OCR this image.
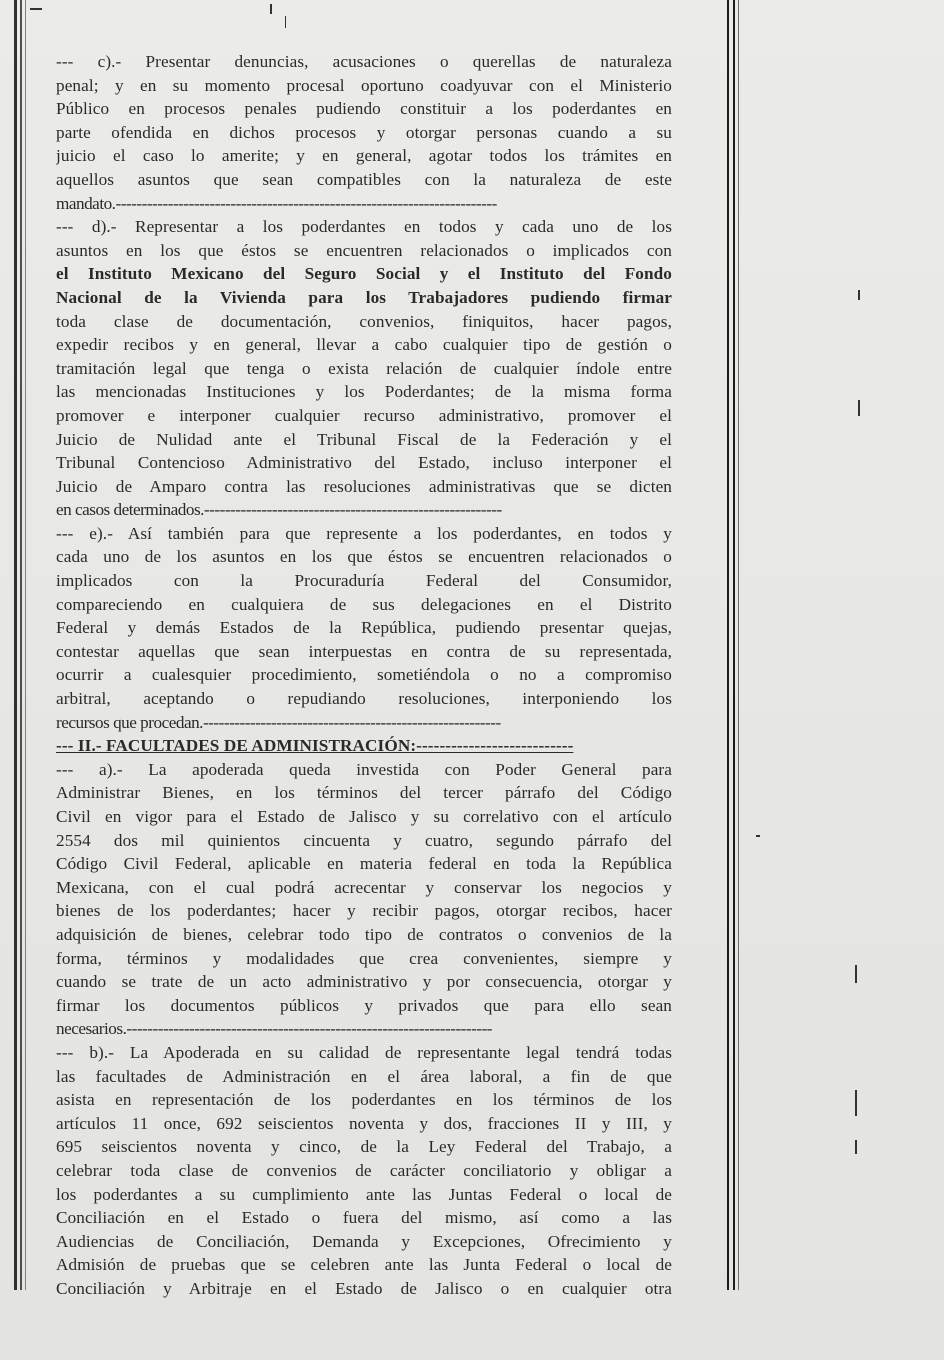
--- c).- Presentar denuncias, acusaciones o querellas de naturaleza
penal; y en su momento procesal oportuno coadyuvar con el Ministerio
Público en procesos penales pudiendo constituir a los poderdantes en
parte ofendida en dichos procesos y otorgar personas cuando a su
juicio el caso lo amerite; y en general, agotar todos los trámites en
aquellos asuntos que sean compatibles con la naturaleza de este
mandato.-------------------------------------------------------------------------
--- d).- Representar a los poderdantes en todos y cada uno de los
asuntos en los que éstos se encuentren relacionados o implicados con
el Instituto Mexicano del Seguro Social y el Instituto del Fondo
Nacional de la Vivienda para los Trabajadores pudiendo firmar
toda clase de documentación, convenios, finiquitos, hacer pagos,
expedir recibos y en general, llevar a cabo cualquier tipo de gestión o
tramitación legal que tenga o exista relación de cualquier índole entre
las mencionadas Instituciones y los Poderdantes; de la misma forma
promover e interponer cualquier recurso administrativo, promover el
Juicio de Nulidad ante el Tribunal Fiscal de la Federación y el
Tribunal Contencioso Administrativo del Estado, incluso interponer el
Juicio de Amparo contra las resoluciones administrativas que se dicten
en casos determinados.---------------------------------------------------------
--- e).- Así también para que represente a los poderdantes, en todos y
cada uno de los asuntos en los que éstos se encuentren relacionados o
implicados con la Procuraduría Federal del Consumidor,
compareciendo en cualquiera de sus delegaciones en el Distrito
Federal y demás Estados de la República, pudiendo presentar quejas,
contestar aquellas que sean interpuestas en contra de su representada,
ocurrir a cualesquier procedimiento, sometiéndola o no a compromiso
arbitral, aceptando o repudiando resoluciones, interponiendo los
recursos que procedan.---------------------------------------------------------
--- II.- FACULTADES DE ADMINISTRACIÓN:---------------------------
--- a).- La apoderada queda investida con Poder General para
Administrar Bienes, en los términos del tercer párrafo del Código
Civil en vigor para el Estado de Jalisco y su correlativo con el artículo
2554 dos mil quinientos cincuenta y cuatro, segundo párrafo del
Código Civil Federal, aplicable en materia federal en toda la República
Mexicana, con el cual podrá acrecentar y conservar los negocios y
bienes de los poderdantes; hacer y recibir pagos, otorgar recibos, hacer
adquisición de bienes, celebrar todo tipo de contratos o convenios de la
forma, términos y modalidades que crea convenientes, siempre y
cuando se trate de un acto administrativo y por consecuencia, otorgar y
firmar los documentos públicos y privados que para ello sean
necesarios.----------------------------------------------------------------------
--- b).- La Apoderada en su calidad de representante legal tendrá todas
las facultades de Administración en el área laboral, a fin de que
asista en representación de los poderdantes en los términos de los
artículos 11 once, 692 seiscientos noventa y dos, fracciones II y III, y
695 seiscientos noventa y cinco, de la Ley Federal del Trabajo, a
celebrar toda clase de convenios de carácter conciliatorio y obligar a
los poderdantes a su cumplimiento ante las Juntas Federal o local de
Conciliación en el Estado o fuera del mismo, así como a las
Audiencias de Conciliación, Demanda y Excepciones, Ofrecimiento y
Admisión de pruebas que se celebren ante las Junta Federal o local de
Conciliación y Arbitraje en el Estado de Jalisco o en cualquier otra
